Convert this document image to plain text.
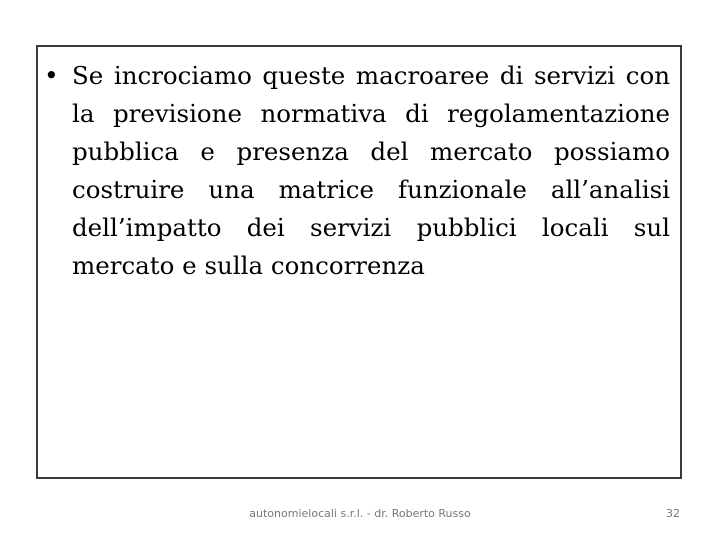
• Se incrociamo queste macroaree di servizi con la previsione normativa di regolamentazione pubblica e presenza del mercato possiamo costruire una matrice funzionale all’analisi dell’impatto dei servizi pubblici locali sul mercato e sulla concorrenza

autonomielocali s.r.l. - dr. Roberto Russo	32
